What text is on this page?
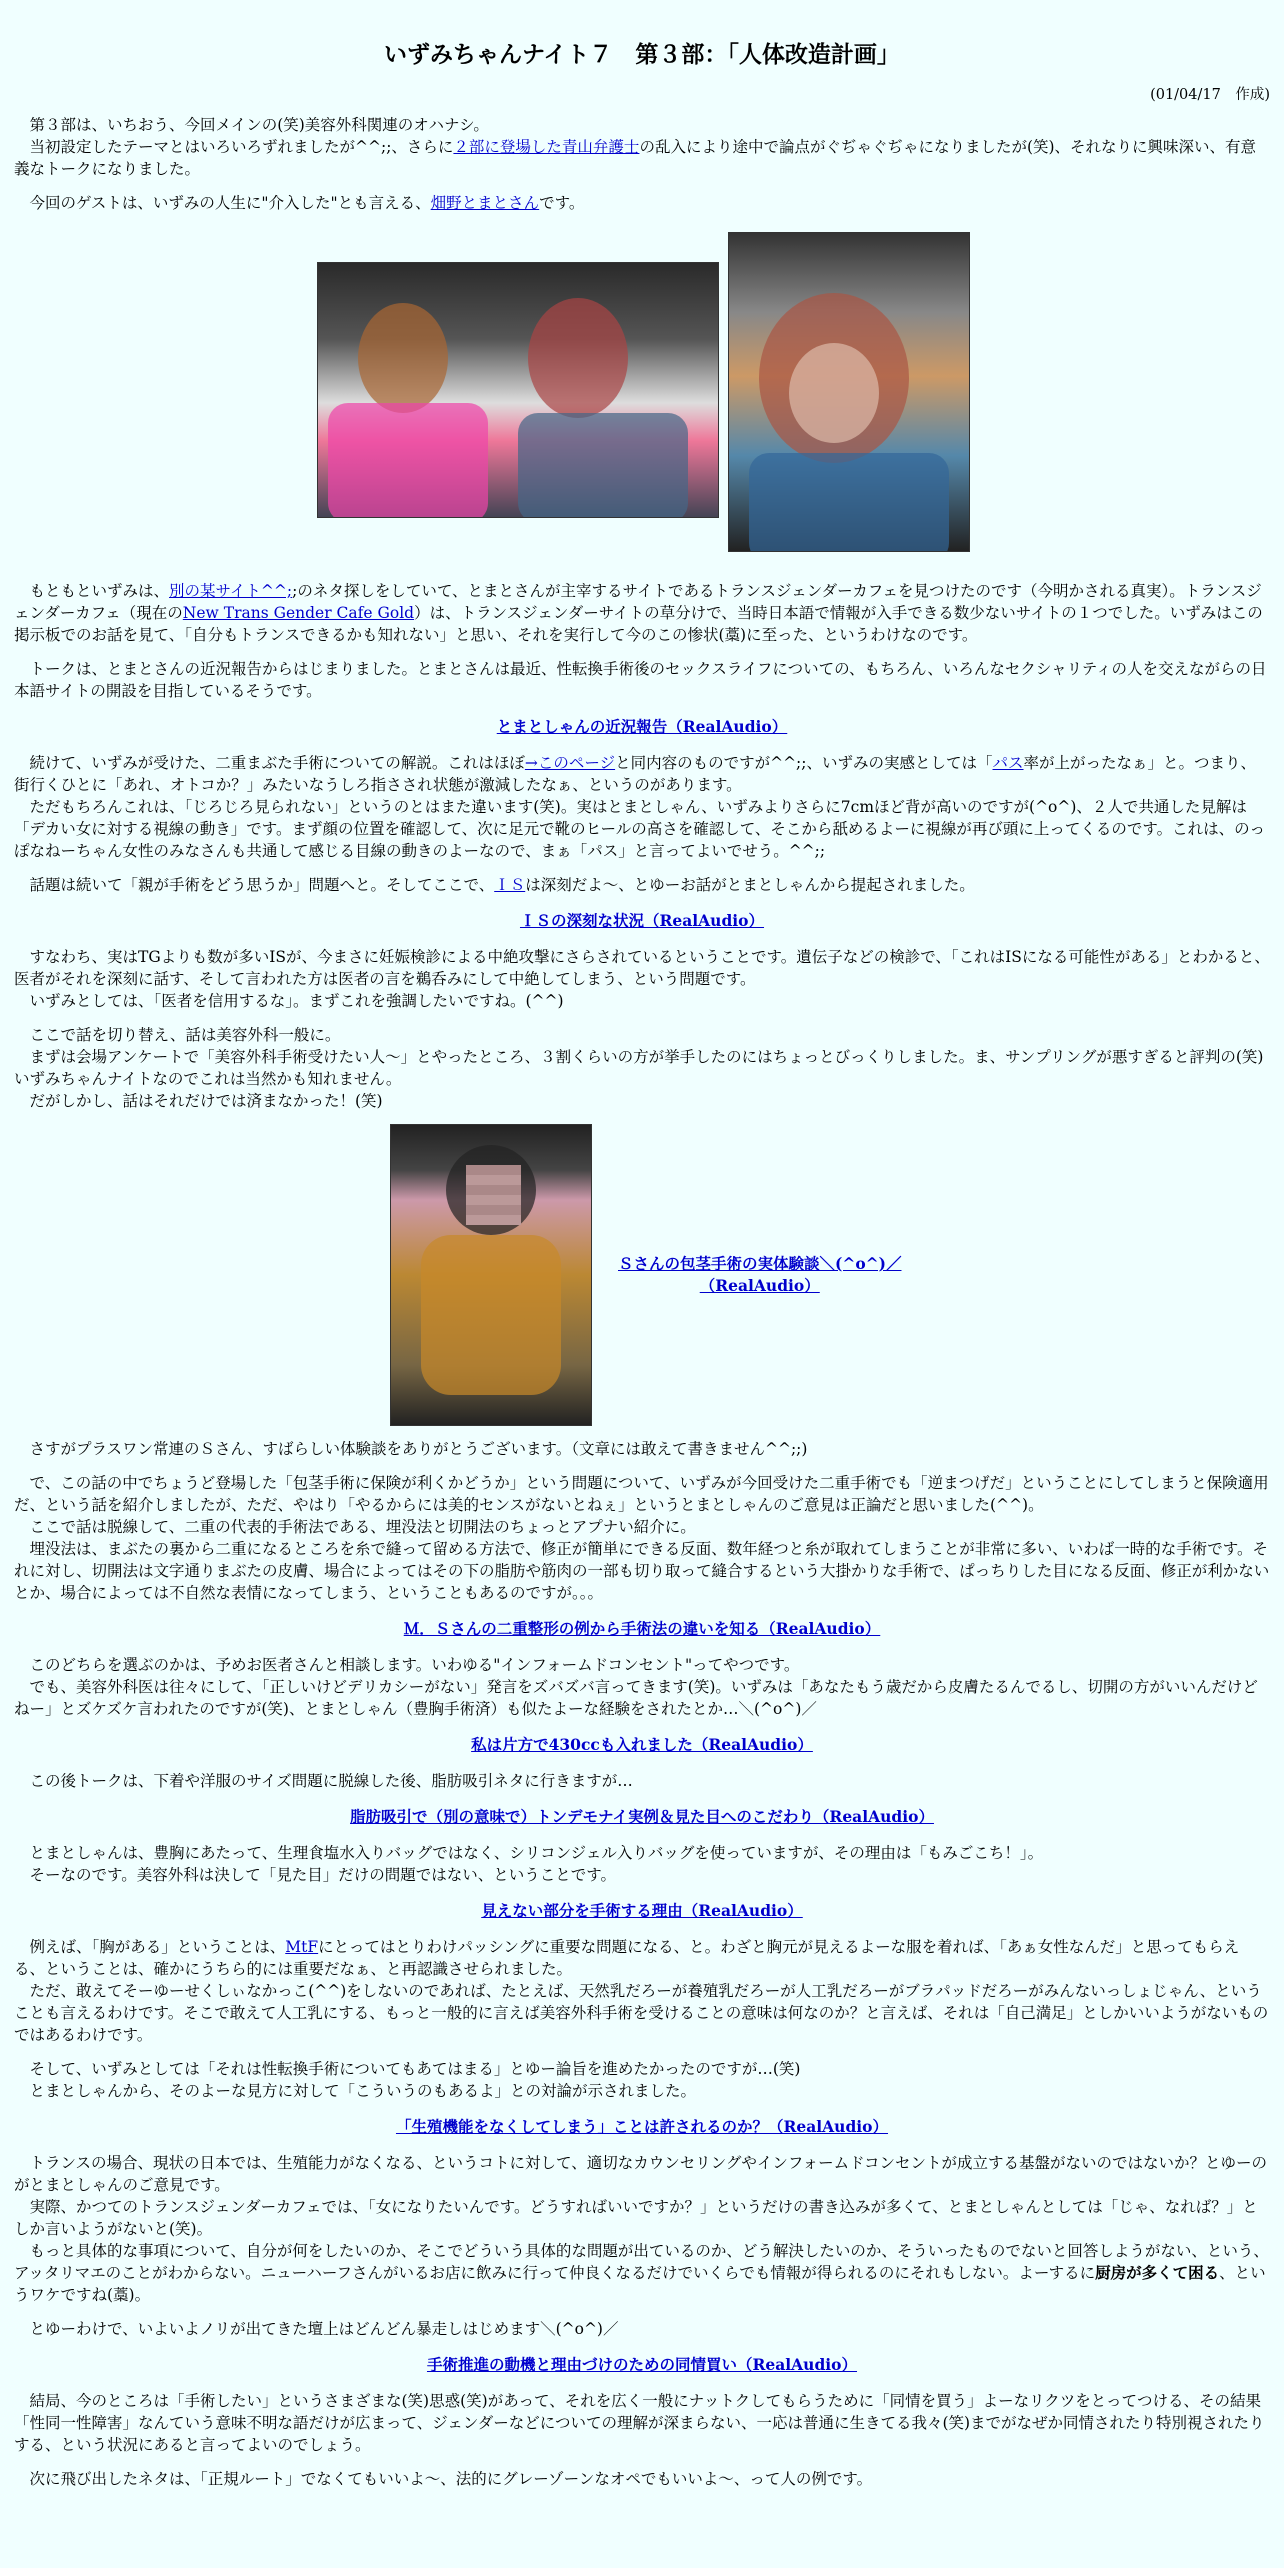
いずみちゃんナイト７　第３部：「人体改造計画」
(01/04/17　作成)

第３部は、いちおう、今回メインの(笑)美容外科関連のオハナシ。
当初設定したテーマとはいろいろずれましたが^^;;、さらに２部に登場した青山弁護士の乱入により途中で論点がぐぢゃぐぢゃになりましたが(笑)、それなりに興味深い、有意義なトークになりました。

今回のゲストは、いずみの人生に"介入した"とも言える、畑野とまとさんです。

もともといずみは、別の某サイト^^;;のネタ探しをしていて、とまとさんが主宰するサイトであるトランスジェンダーカフェを見つけたのです（今明かされる真実）。トランスジェンダーカフェ（現在のNew Trans Gender Cafe Gold）は、トランスジェンダーサイトの草分けで、当時日本語で情報が入手できる数少ないサイトの１つでした。いずみはこの掲示板でのお話を見て、「自分もトランスできるかも知れない」と思い、それを実行して今のこの惨状(藁)に至った、というわけなのです。

トークは、とまとさんの近況報告からはじまりました。とまとさんは最近、性転換手術後のセックスライフについての、もちろん、いろんなセクシャリティの人を交えながらの日本語サイトの開設を目指しているそうです。

とまとしゃんの近況報告（RealAudio）

続けて、いずみが受けた、二重まぶた手術についての解説。これはほぼ→このページと同内容のものですが^^;;、いずみの実感としては「パス率が上がったなぁ」と。つまり、街行くひとに「あれ、オトコか？」みたいなうしろ指さされ状態が激減したなぁ、というのがあります。
ただもちろんこれは、「じろじろ見られない」というのとはまた違います(笑)。実はとまとしゃん、いずみよりさらに7cmほど背が高いのですが(^o^)、２人で共通した見解は「デカい女に対する視線の動き」です。まず顔の位置を確認して、次に足元で靴のヒールの高さを確認して、そこから舐めるよーに視線が再び頭に上ってくるのです。これは、のっぽなねーちゃん女性のみなさんも共通して感じる目線の動きのよーなので、まぁ「パス」と言ってよいでせう。^^;;

話題は続いて「親が手術をどう思うか」問題へと。そしてここで、ＩＳは深刻だよ～、とゆーお話がとまとしゃんから提起されました。

ＩＳの深刻な状況（RealAudio）

すなわち、実はTGよりも数が多いISが、今まさに妊娠検診による中絶攻撃にさらされているということです。遺伝子などの検診で、「これはISになる可能性がある」とわかると、医者がそれを深刻に話す、そして言われた方は医者の言を鵜呑みにして中絶してしまう、という問題です。
いずみとしては、「医者を信用するな」。まずこれを強調したいですね。(^^)

ここで話を切り替え、話は美容外科一般に。
まずは会場アンケートで「美容外科手術受けたい人～」とやったところ、３割くらいの方が挙手したのにはちょっとびっくりしました。ま、サンプリングが悪すぎると評判の(笑)いずみちゃんナイトなのでこれは当然かも知れません。
だがしかし、話はそれだけでは済まなかった！(笑)

Ｓさんの包茎手術の実体験談＼(^o^)／
（RealAudio）

さすがプラスワン常連のＳさん、すばらしい体験談をありがとうございます。（文章には敢えて書きません^^;;)

で、この話の中でちょうど登場した「包茎手術に保険が利くかどうか」という問題について、いずみが今回受けた二重手術でも「逆まつげだ」ということにしてしまうと保険適用だ、という話を紹介しましたが、ただ、やはり「やるからには美的センスがないとねぇ」というとまとしゃんのご意見は正論だと思いました(^^)。
ここで話は脱線して、二重の代表的手術法である、埋没法と切開法のちょっとアプナい紹介に。
埋没法は、まぶたの裏から二重になるところを糸で縫って留める方法で、修正が簡単にできる反面、数年経つと糸が取れてしまうことが非常に多い、いわば一時的な手術です。それに対し、切開法は文字通りまぶたの皮膚、場合によってはその下の脂肪や筋肉の一部も切り取って縫合するという大掛かりな手術で、ぱっちりした目になる反面、修正が利かないとか、場合によっては不自然な表情になってしまう、ということもあるのですが。。。

Ｍ．Ｓさんの二重整形の例から手術法の違いを知る（RealAudio）

このどちらを選ぶのかは、予めお医者さんと相談します。いわゆる"インフォームドコンセント"ってやつです。
でも、美容外科医は往々にして、「正しいけどデリカシーがない」発言をズバズバ言ってきます(笑)。いずみは「あなたもう歳だから皮膚たるんでるし、切開の方がいいんだけどねー」とズケズケ言われたのですが(笑)、とまとしゃん（豊胸手術済）も似たよーな経験をされたとか…＼(^o^)／

私は片方で430ccも入れました（RealAudio）

この後トークは、下着や洋服のサイズ問題に脱線した後、脂肪吸引ネタに行きますが…

脂肪吸引で（別の意味で）トンデモナイ実例＆見た目へのこだわり（RealAudio）

とまとしゃんは、豊胸にあたって、生理食塩水入りバッグではなく、シリコンジェル入りバッグを使っていますが、その理由は「もみごこち！」。
そーなのです。美容外科は決して「見た目」だけの問題ではない、ということです。

見えない部分を手術する理由（RealAudio）

例えば、「胸がある」ということは、MtFにとってはとりわけパッシングに重要な問題になる、と。わざと胸元が見えるよーな服を着れば、「あぁ女性なんだ」と思ってもらえる、ということは、確かにうちら的には重要だなぁ、と再認識させられました。
ただ、敢えてそーゆーせくしぃなかっこ(^^)をしないのであれば、たとえば、天然乳だろーが養殖乳だろーが人工乳だろーがブラパッドだろーがみんないっしょじゃん、ということも言えるわけです。そこで敢えて人工乳にする、もっと一般的に言えば美容外科手術を受けることの意味は何なのか？と言えば、それは「自己満足」としかいいようがないものではあるわけです。

そして、いずみとしては「それは性転換手術についてもあてはまる」とゆー論旨を進めたかったのですが…(笑)
とまとしゃんから、そのよーな見方に対して「こういうのもあるよ」との対論が示されました。

「生殖機能をなくしてしまう」ことは許されるのか？（RealAudio）

トランスの場合、現状の日本では、生殖能力がなくなる、というコトに対して、適切なカウンセリングやインフォームドコンセントが成立する基盤がないのではないか？とゆーのがとまとしゃんのご意見です。
実際、かつてのトランスジェンダーカフェでは、「女になりたいんです。どうすればいいですか？」というだけの書き込みが多くて、とまとしゃんとしては「じゃ、なれば？」としか言いようがないと(笑)。
もっと具体的な事項について、自分が何をしたいのか、そこでどういう具体的な問題が出ているのか、どう解決したいのか、そういったものでないと回答しようがない、という、アッタリマエのことがわからない。ニューハーフさんがいるお店に飲みに行って仲良くなるだけでいくらでも情報が得られるのにそれもしない。よーするに厨房が多くて困る、というワケですね(藁)。

とゆーわけで、いよいよノリが出てきた壇上はどんどん暴走しはじめます＼(^o^)／

手術推進の動機と理由づけのための同情買い（RealAudio）

結局、今のところは「手術したい」というさまざまな(笑)思惑(笑)があって、それを広く一般にナットクしてもらうために「同情を買う」よーなリクツをとってつける、その結果「性同一性障害」なんていう意味不明な語だけが広まって、ジェンダーなどについての理解が深まらない、一応は普通に生きてる我々(笑)までがなぜか同情されたり特別視されたりする、という状況にあると言ってよいのでしょう。

次に飛び出したネタは、「正規ルート」でなくてもいいよ～、法的にグレーゾーンなオペでもいいよ～、って人の例です。
